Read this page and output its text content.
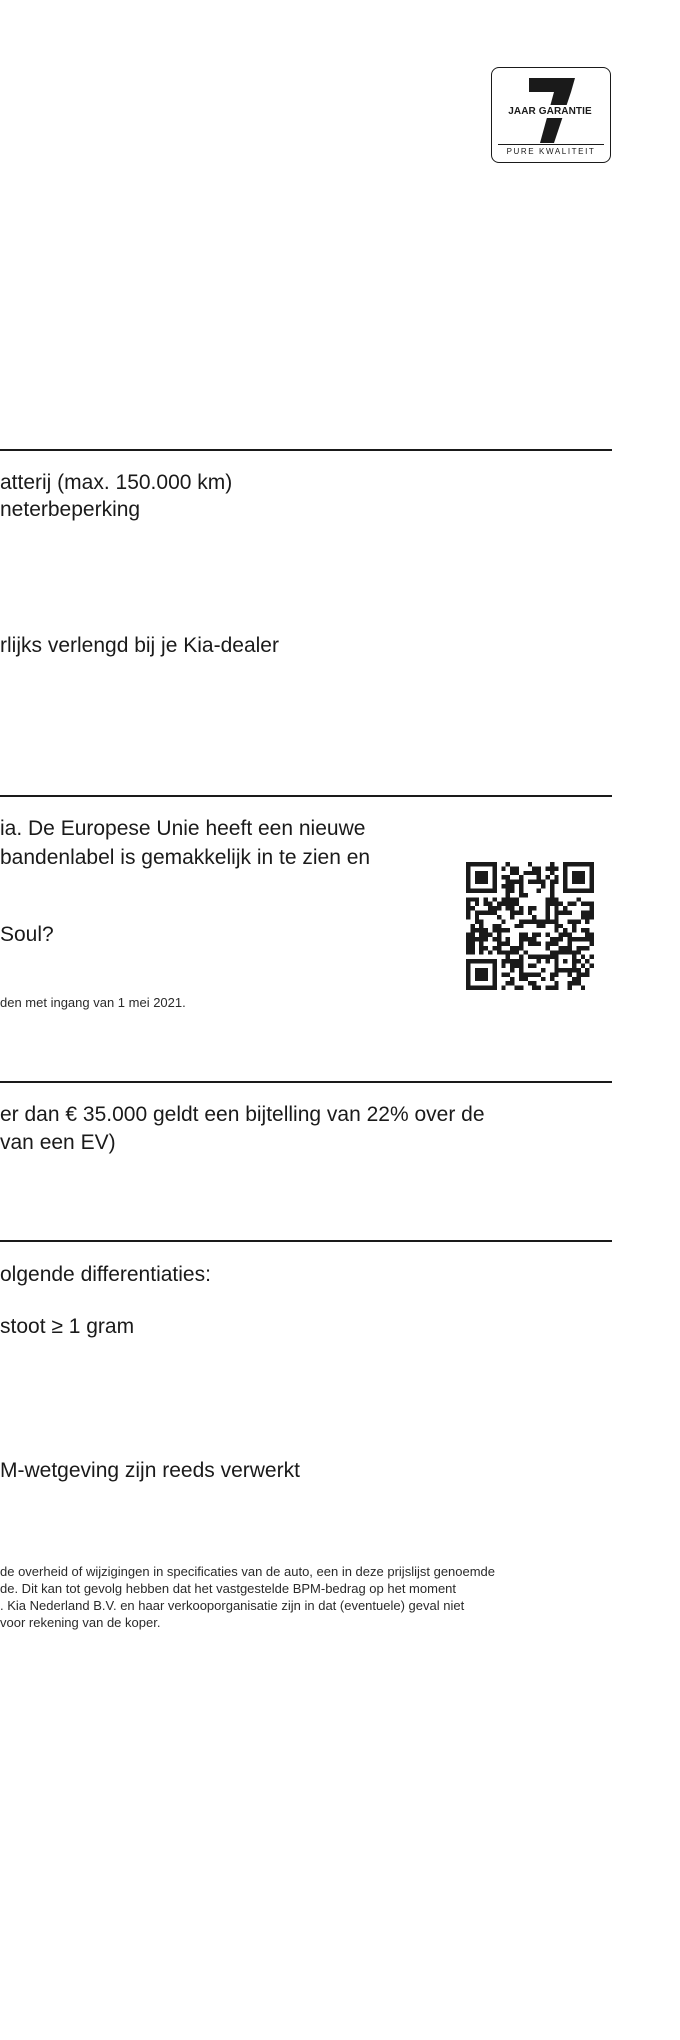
JAAR GARANTIE
PURE KWALITEIT
atterij (max. 150.000 km)
neterbeperking
rlijks verlengd bij je Kia-dealer
ia. De Europese Unie heeft een nieuwe
bandenlabel is gemakkelijk in te zien en
Soul?
den met ingang van 1 mei 2021.
er dan € 35.000 geldt een bijtelling van 22% over de
van een EV)
olgende differentiaties:
stoot ≥ 1 gram
M-wetgeving zijn reeds verwerkt
de overheid of wijzigingen in specificaties van de auto, een in deze prijslijst genoemde
de. Dit kan tot gevolg hebben dat het vastgestelde BPM-bedrag op het moment
. Kia Nederland B.V. en haar verkooporganisatie zijn in dat (eventuele) geval niet
voor rekening van de koper.
